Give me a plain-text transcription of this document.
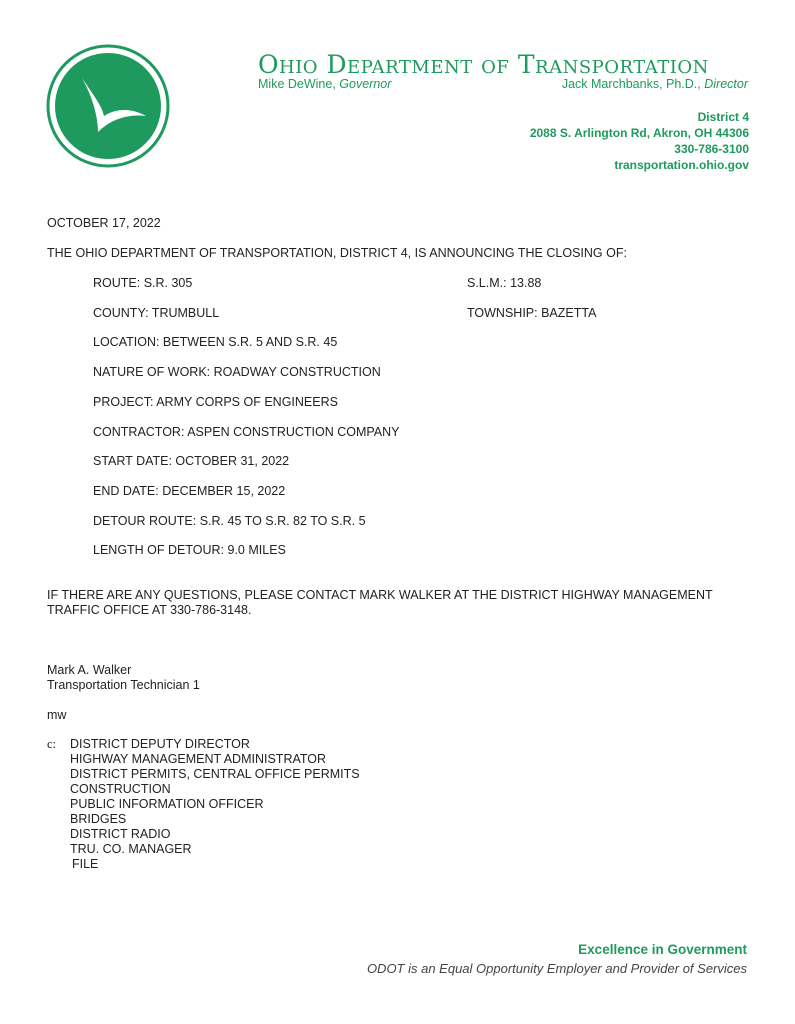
Ohio Department of Transportation
Mike DeWine, Governor	Jack Marchbanks, Ph.D., Director
District 4
2088 S. Arlington Rd, Akron, OH 44306
330-786-3100
transportation.ohio.gov
OCTOBER 17, 2022
THE OHIO DEPARTMENT OF TRANSPORTATION, DISTRICT 4, IS ANNOUNCING THE CLOSING OF:
ROUTE: S.R. 305	S.L.M.: 13.88
COUNTY: TRUMBULL	TOWNSHIP: BAZETTA
LOCATION: BETWEEN S.R. 5 AND S.R. 45
NATURE OF WORK: ROADWAY CONSTRUCTION
PROJECT: ARMY CORPS OF ENGINEERS
CONTRACTOR: ASPEN CONSTRUCTION COMPANY
START DATE: OCTOBER 31, 2022
END DATE: DECEMBER 15, 2022
DETOUR ROUTE: S.R. 45 TO S.R. 82 TO S.R. 5
LENGTH OF DETOUR: 9.0 MILES
IF THERE ARE ANY QUESTIONS, PLEASE CONTACT MARK WALKER AT THE DISTRICT HIGHWAY MANAGEMENT
TRAFFIC OFFICE AT 330-786-3148.
Mark A. Walker
Transportation Technician 1
mw
c: DISTRICT DEPUTY DIRECTOR
HIGHWAY MANAGEMENT ADMINISTRATOR
DISTRICT PERMITS, CENTRAL OFFICE PERMITS
CONSTRUCTION
PUBLIC INFORMATION OFFICER
BRIDGES
DISTRICT RADIO
TRU. CO. MANAGER
FILE
Excellence in Government
ODOT is an Equal Opportunity Employer and Provider of Services
